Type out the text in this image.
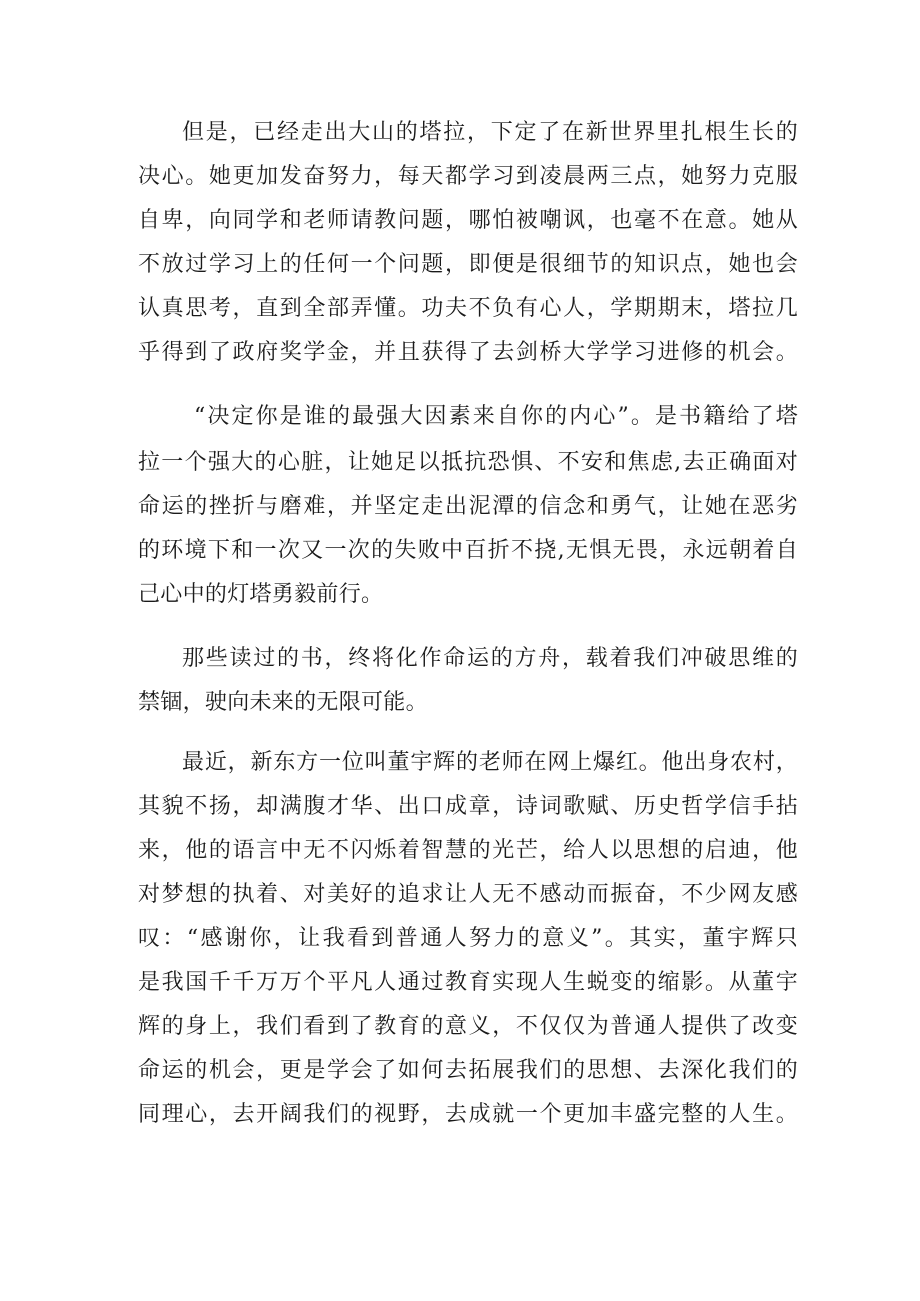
但是，已经走出大山的塔拉，下定了在新世界里扎根生长的
决心。她更加发奋努力，每天都学习到凌晨两三点，她努力克服
自卑，向同学和老师请教问题，哪怕被嘲讽，也毫不在意。她从
不放过学习上的任何一个问题，即便是很细节的知识点，她也会
认真思考，直到全部弄懂。功夫不负有心人，学期期末，塔拉几
乎得到了政府奖学金，并且获得了去剑桥大学学习进修的机会。
“决定你是谁的最强大因素来自你的内心”。是书籍给了塔
拉一个强大的心脏，让她足以抵抗恐惧、不安和焦虑,去正确面对
命运的挫折与磨难，并坚定走出泥潭的信念和勇气，让她在恶劣
的环境下和一次又一次的失败中百折不挠,无惧无畏，永远朝着自
己心中的灯塔勇毅前行。
那些读过的书，终将化作命运的方舟，载着我们冲破思维的
禁锢，驶向未来的无限可能。
最近，新东方一位叫董宇辉的老师在网上爆红。他出身农村，
其貌不扬，却满腹才华、出口成章，诗词歌赋、历史哲学信手拈
来，他的语言中无不闪烁着智慧的光芒，给人以思想的启迪，他
对梦想的执着、对美好的追求让人无不感动而振奋，不少网友感
叹：“感谢你，让我看到普通人努力的意义”。其实，董宇辉只
是我国千千万万个平凡人通过教育实现人生蜕变的缩影。从董宇
辉的身上，我们看到了教育的意义，不仅仅为普通人提供了改变
命运的机会，更是学会了如何去拓展我们的思想、去深化我们的
同理心，去开阔我们的视野，去成就一个更加丰盛完整的人生。
